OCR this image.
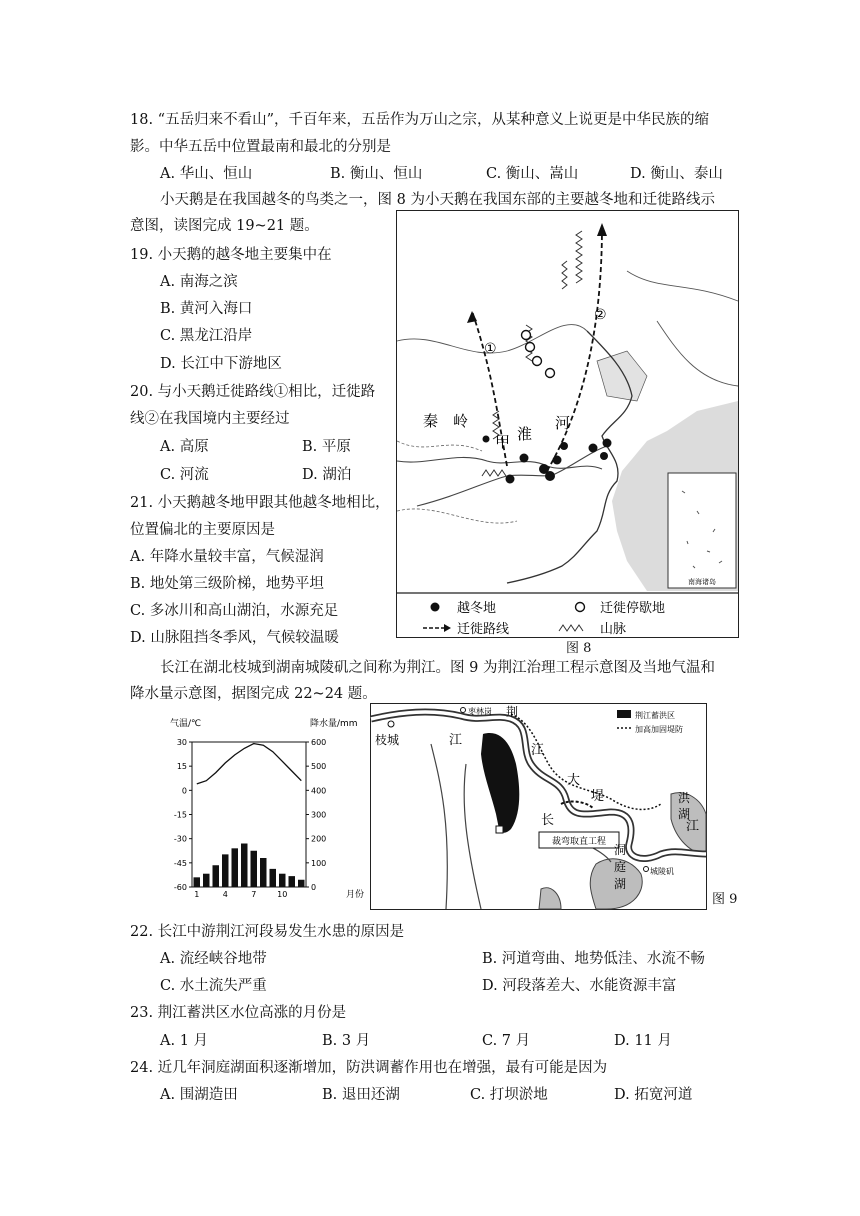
18. “五岳归来不看山”，千百年来，五岳作为万山之宗，从某种意义上说更是中华民族的缩
影。中华五岳中位置最南和最北的分别是
A. 华山、恒山	B. 衡山、恒山	C. 衡山、嵩山	D. 衡山、泰山
小天鹅是在我国越冬的鸟类之一，图 8 为小天鹅在我国东部的主要越冬地和迁徙路线示
意图，读图完成 19~21 题。
19. 小天鹅的越冬地主要集中在
A. 南海之滨
B. 黄河入海口
C. 黑龙江沿岸
D. 长江中下游地区
20. 与小天鹅迁徙路线①相比，迁徙路
线②在我国境内主要经过
A. 高原	B. 平原
C. 河流	D. 湖泊
21. 小天鹅越冬地甲跟其他越冬地相比，
位置偏北的主要原因是
A. 年降水量较丰富，气候湿润
B. 地处第三级阶梯，地势平坦
C. 多冰川和高山湖泊，水源充足
D. 山脉阻挡冬季风，气候较温暖
秦 岭
甲 淮
河
①
②
南海诸岛
越冬地	迁徙停歇地
迁徙路线	山脉
图 8
长江在湖北枝城到湖南城陵矶之间称为荆江。图 9 为荆江治理工程示意图及当地气温和
降水量示意图，据图完成 22~24 题。
气温/℃	降水量/mm
月份
30
15
0
-15
-30
-45
-60
600
500
400
300
200
100
0
1	4	7	10
裁弯取直工程
荆江蓄洪区
加高加固堤防
枣林岗
枝城
荆
江
江
大
堤
长	江
洪
湖
洞
庭
湖
城陵矶
图 9
22. 长江中游荆江河段易发生水患的原因是
A. 流经峡谷地带	B. 河道弯曲、地势低洼、水流不畅
C. 水土流失严重	D. 河段落差大、水能资源丰富
23. 荆江蓄洪区水位高涨的月份是
A. 1 月	B. 3 月	C. 7 月	D. 11 月
24. 近几年洞庭湖面积逐渐增加，防洪调蓄作用也在增强，最有可能是因为
A. 围湖造田	B. 退田还湖	C. 打坝淤地	D. 拓宽河道
